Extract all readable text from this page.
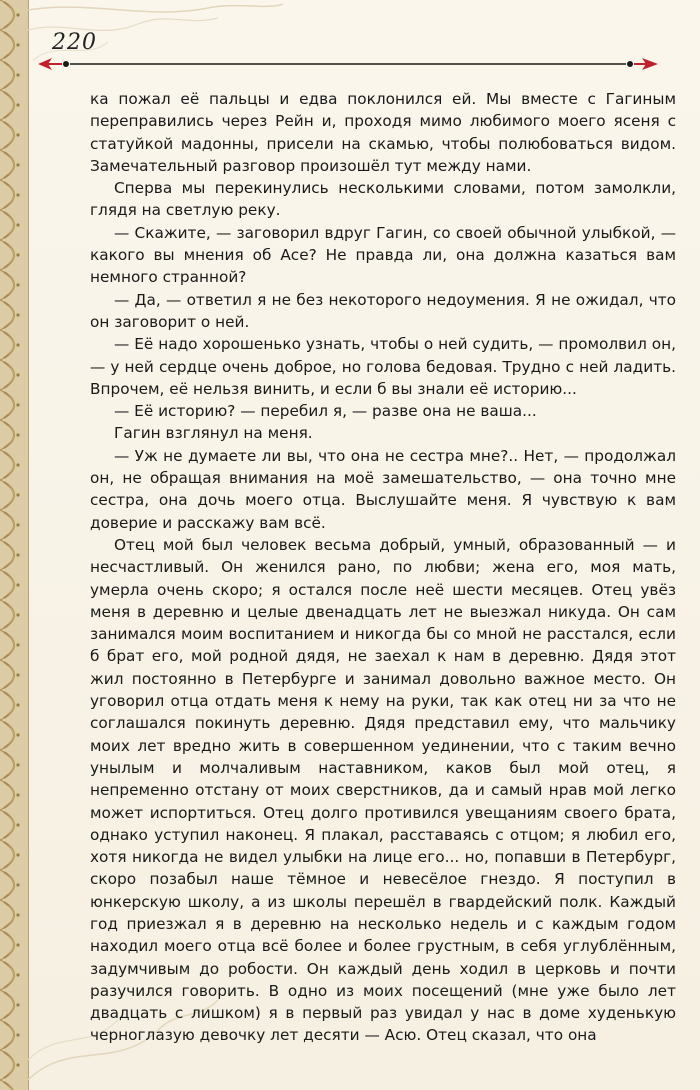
220

ка пожал её пальцы и едва поклонился ей. Мы вместе с Гагиным переправились через Рейн и, проходя мимо любимого моего ясеня с статуйкой мадонны, присели на скамью, чтобы полюбоваться видом. Замечательный разговор произошёл тут между нами.

Сперва мы перекинулись несколькими словами, потом замолкли, глядя на светлую реку.

— Скажите, — заговорил вдруг Гагин, со своей обычной улыбкой, — какого вы мнения об Асе? Не правда ли, она должна казаться вам немного странной?

— Да, — ответил я не без некоторого недоумения. Я не ожидал, что он заговорит о ней.

— Её надо хорошенько узнать, чтобы о ней судить, — промолвил он, — у ней сердце очень доброе, но голова бедовая. Трудно с ней ладить. Впрочем, её нельзя винить, и если б вы знали её историю...

— Её историю? — перебил я, — разве она не ваша...

Гагин взглянул на меня.

— Уж не думаете ли вы, что она не сестра мне?.. Нет, — продолжал он, не обращая внимания на моё замешательство, — она точно мне сестра, она дочь моего отца. Выслушайте меня. Я чувствую к вам доверие и расскажу вам всё.

Отец мой был человек весьма добрый, умный, образованный — и несчастливый. Он женился рано, по любви; жена его, моя мать, умерла очень скоро; я остался после неё шести месяцев. Отец увёз меня в деревню и целые двенадцать лет не выезжал никуда. Он сам занимался моим воспитанием и никогда бы со мной не расстался, если б брат его, мой родной дядя, не заехал к нам в деревню. Дядя этот жил постоянно в Петербурге и занимал довольно важное место. Он уговорил отца отдать меня к нему на руки, так как отец ни за что не соглашался покинуть деревню. Дядя представил ему, что мальчику моих лет вредно жить в совершенном уединении, что с таким вечно унылым и молчаливым наставником, каков был мой отец, я непременно отстану от моих сверстников, да и самый нрав мой легко может испортиться. Отец долго противился увещаниям своего брата, однако уступил наконец. Я плакал, расставаясь с отцом; я любил его, хотя никогда не видел улыбки на лице его... но, попавши в Петербург, скоро позабыл наше тёмное и невесёлое гнездо. Я поступил в юнкерскую школу, а из школы перешёл в гвардейский полк. Каждый год приезжал я в деревню на несколько недель и с каждым годом находил моего отца всё более и более грустным, в себя углублённым, задумчивым до робости. Он каждый день ходил в церковь и почти разучился говорить. В одно из моих посещений (мне уже было лет двадцать с лишком) я в первый раз увидал у нас в доме худенькую черноглазую девочку лет десяти — Асю. Отец сказал, что она
